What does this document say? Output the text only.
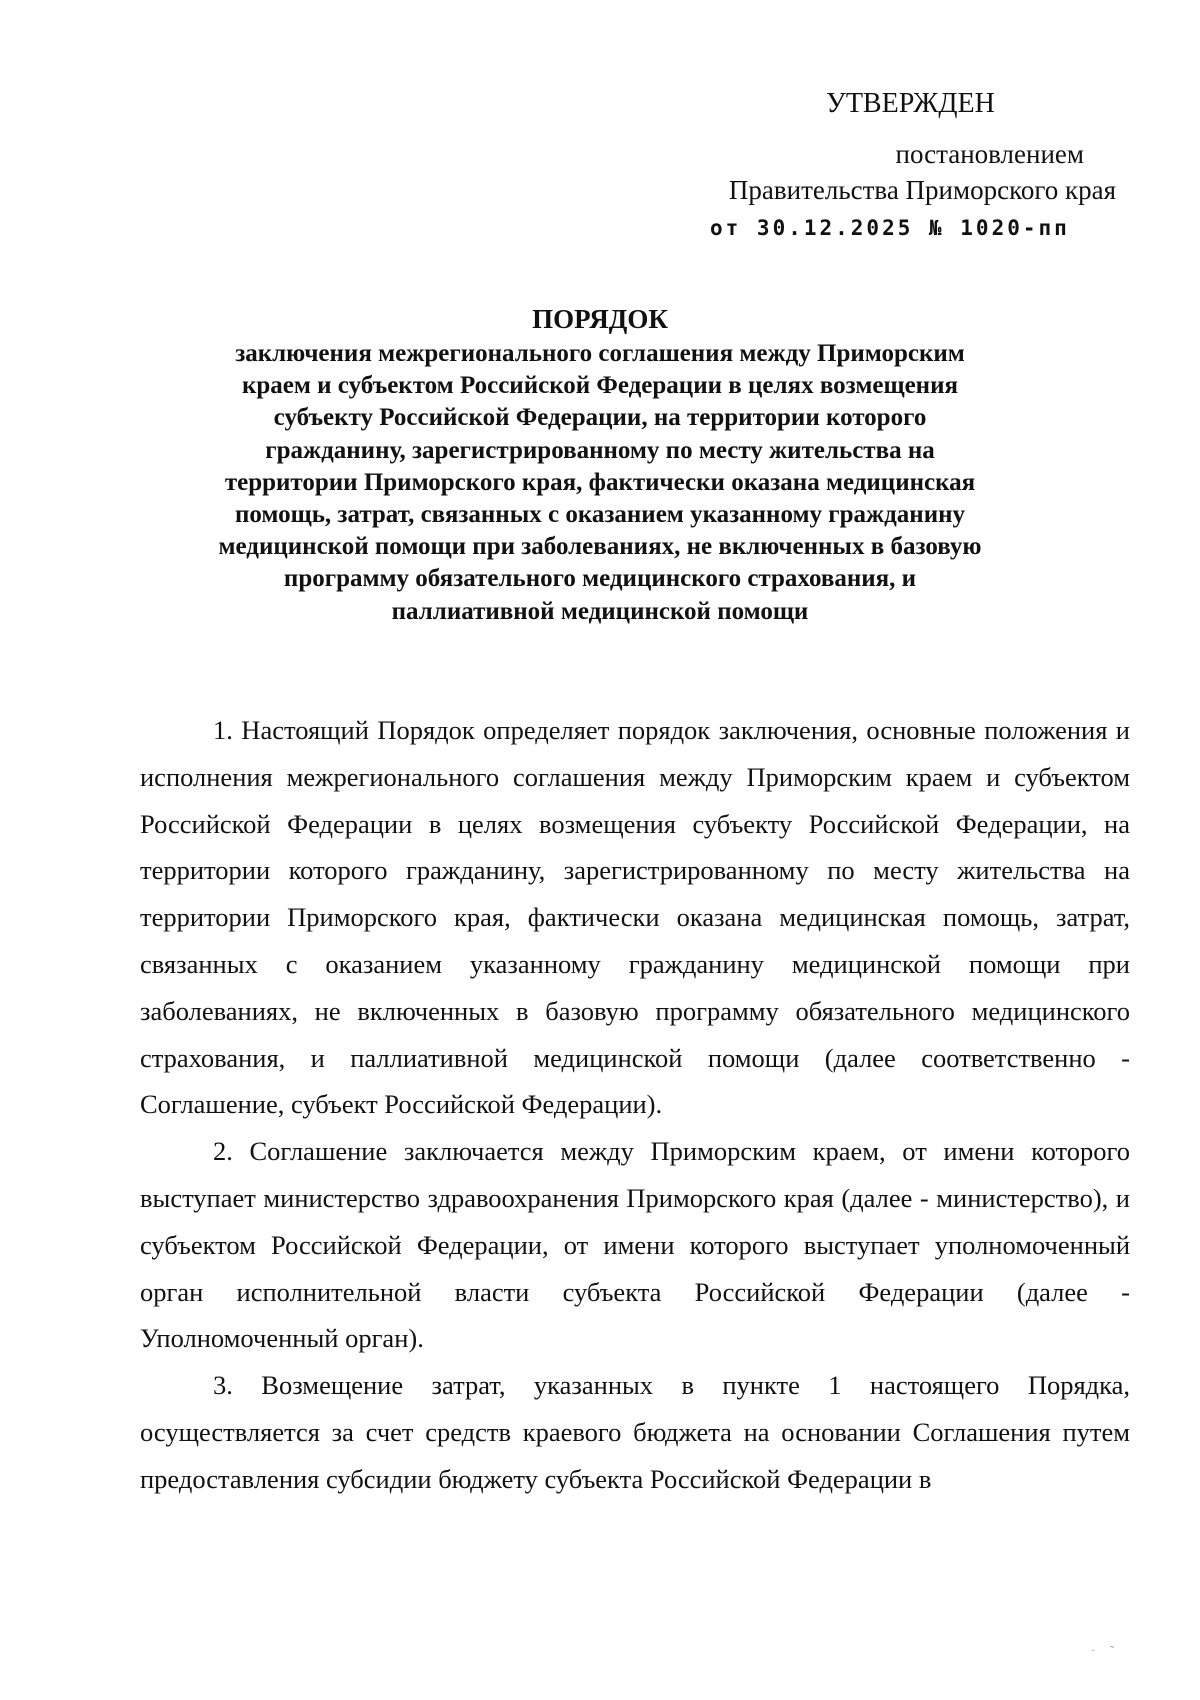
УТВЕРЖДЕН
постановлением
Правительства Приморского края
от 30.12.2025 № 1020-пп
ПОРЯДОК
заключения межрегионального соглашения между Приморским краем и субъектом Российской Федерации в целях возмещения субъекту Российской Федерации, на территории которого гражданину, зарегистрированному по месту жительства на территории Приморского края, фактически оказана медицинская помощь, затрат, связанных с оказанием указанному гражданину медицинской помощи при заболеваниях, не включенных в базовую программу обязательного медицинского страхования, и паллиативной медицинской помощи

1. Настоящий Порядок определяет порядок заключения, основные положения и исполнения межрегионального соглашения между Приморским краем и субъектом Российской Федерации в целях возмещения субъекту Российской Федерации, на территории которого гражданину, зарегистрированному по месту жительства на территории Приморского края, фактически оказана медицинская помощь, затрат, связанных с оказанием указанному гражданину медицинской помощи при заболеваниях, не включенных в базовую программу обязательного медицинского страхования, и паллиативной медицинской помощи (далее соответственно - Соглашение, субъект Российской Федерации).

2. Соглашение заключается между Приморским краем, от имени которого выступает министерство здравоохранения Приморского края (далее - министерство), и субъектом Российской Федерации, от имени которого выступает уполномоченный орган исполнительной власти субъекта Российской Федерации (далее - Уполномоченный орган).

3. Возмещение затрат, указанных в пункте 1 настоящего Порядка, осуществляется за счет средств краевого бюджета на основании Соглашения путем предоставления субсидии бюджету субъекта Российской Федерации в

· ˜
